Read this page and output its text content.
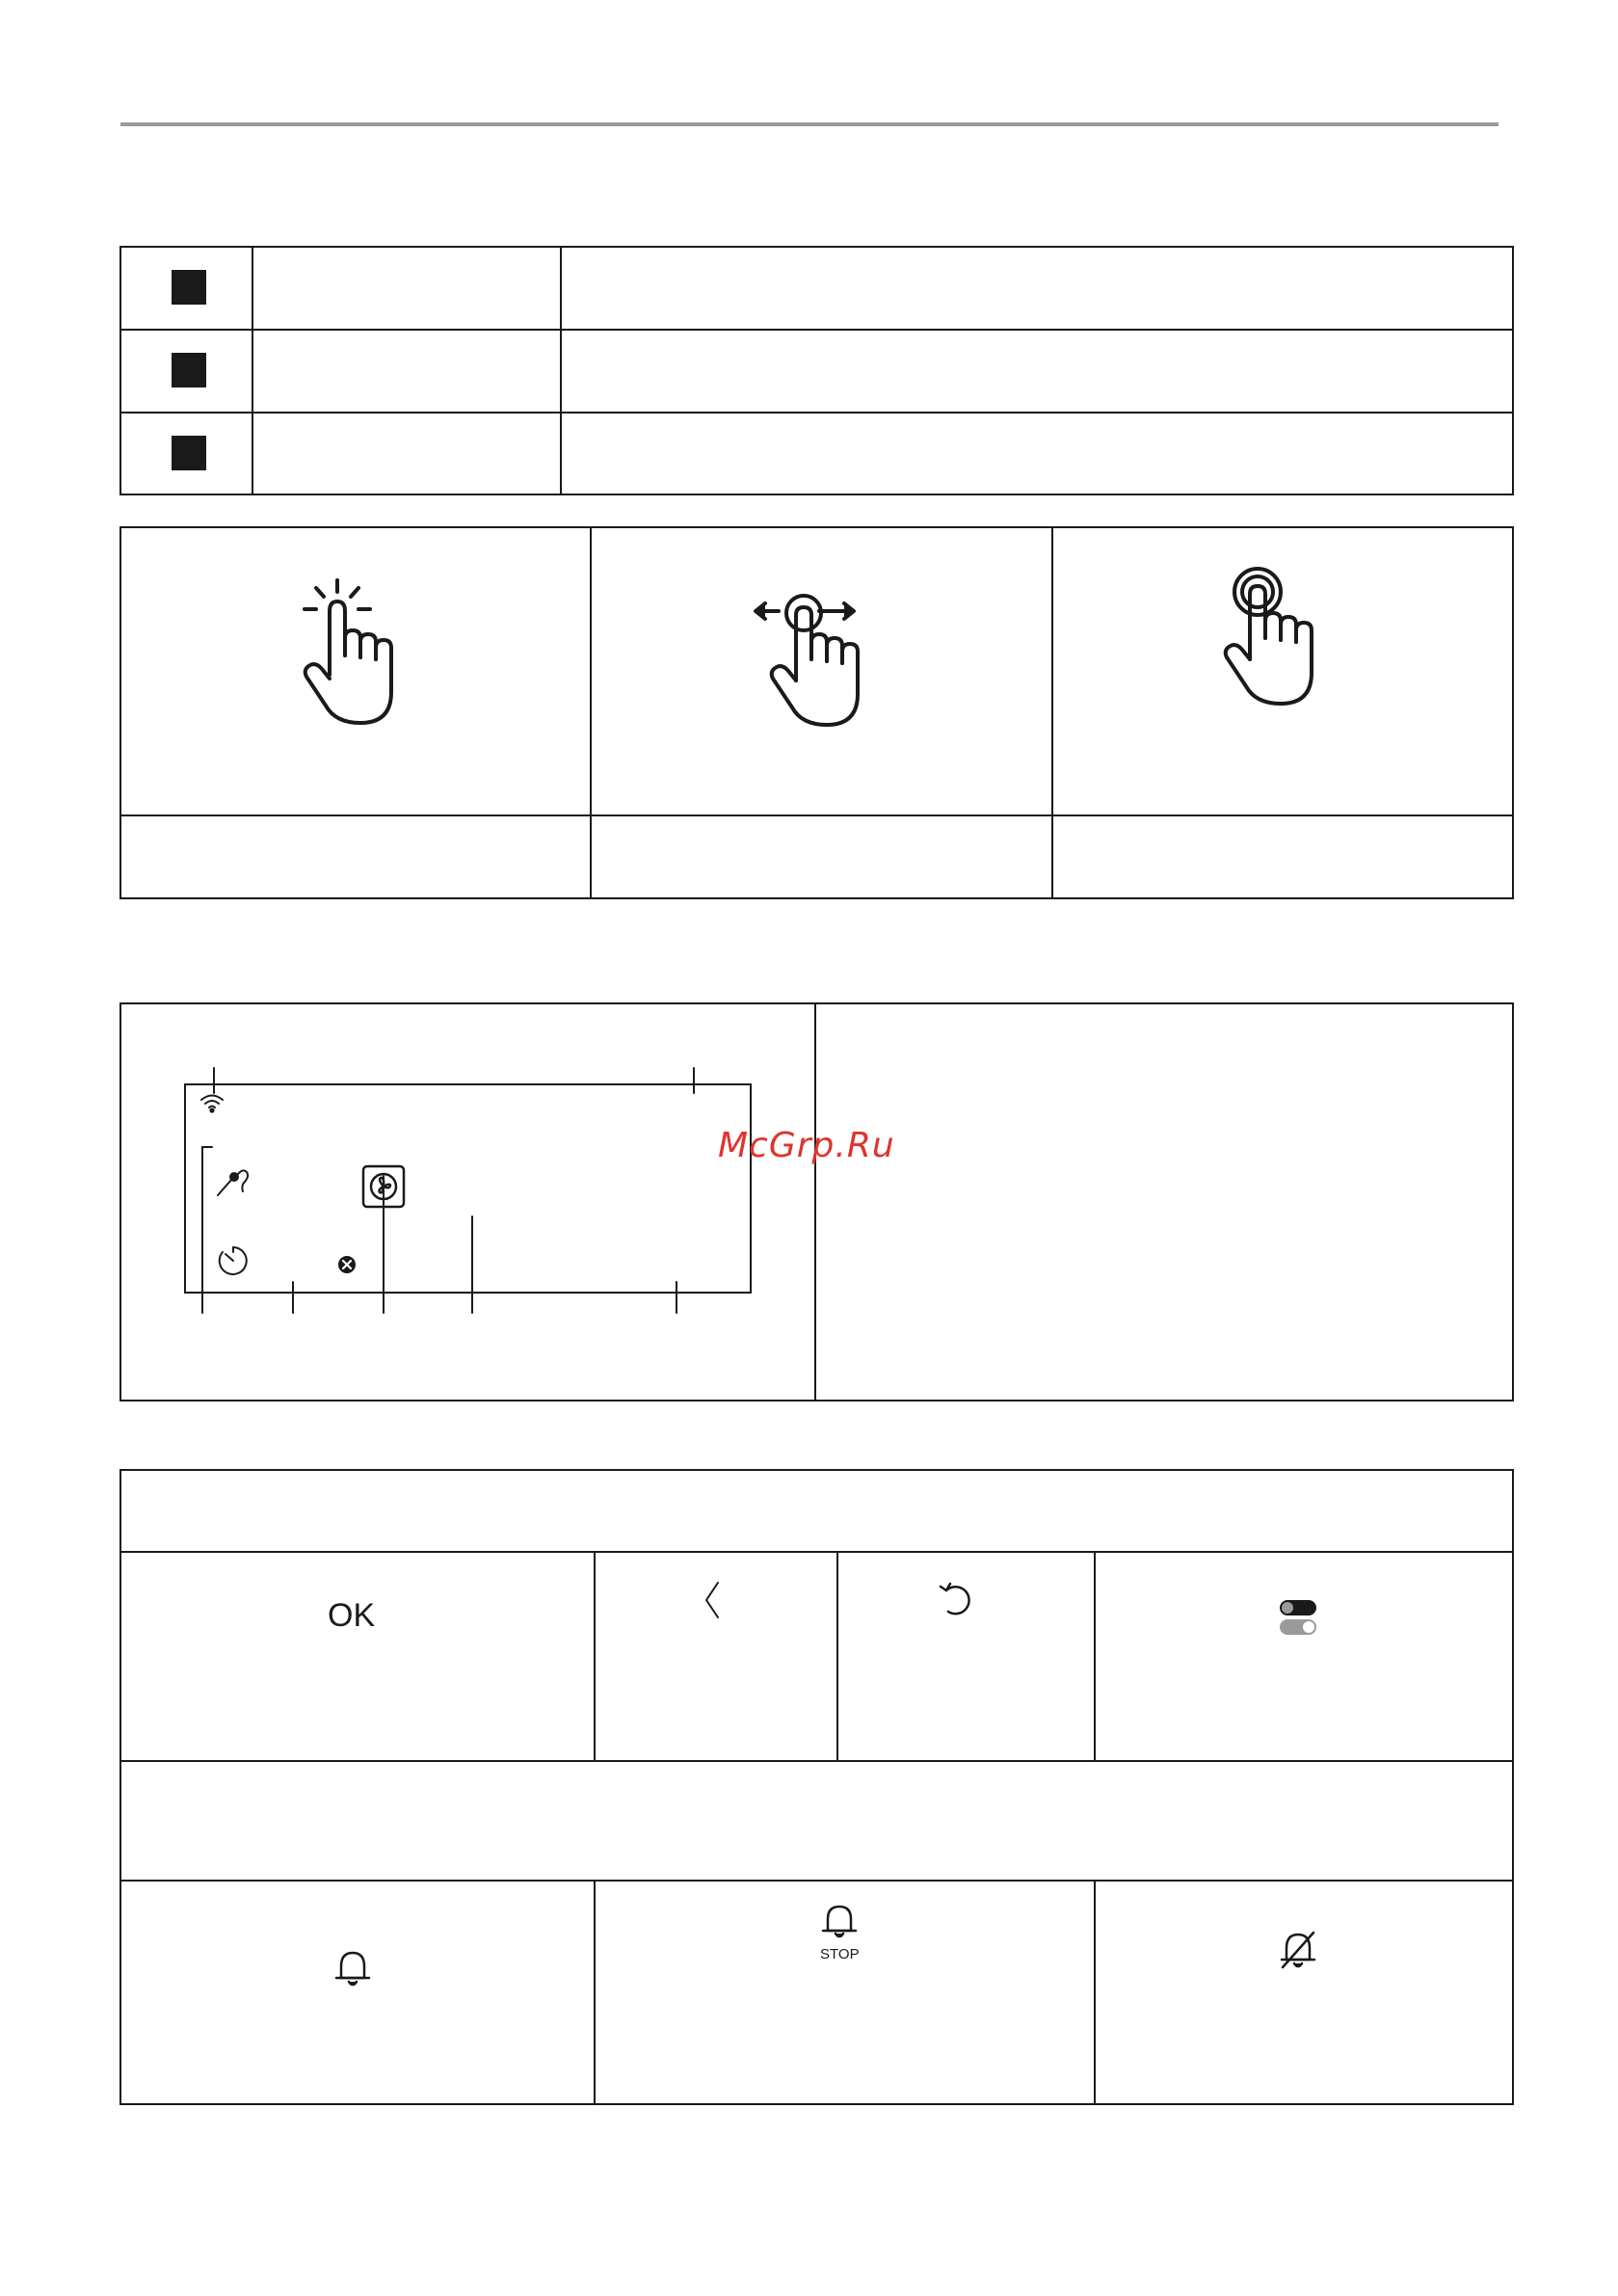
McGrp.Ru
OK
STOP
